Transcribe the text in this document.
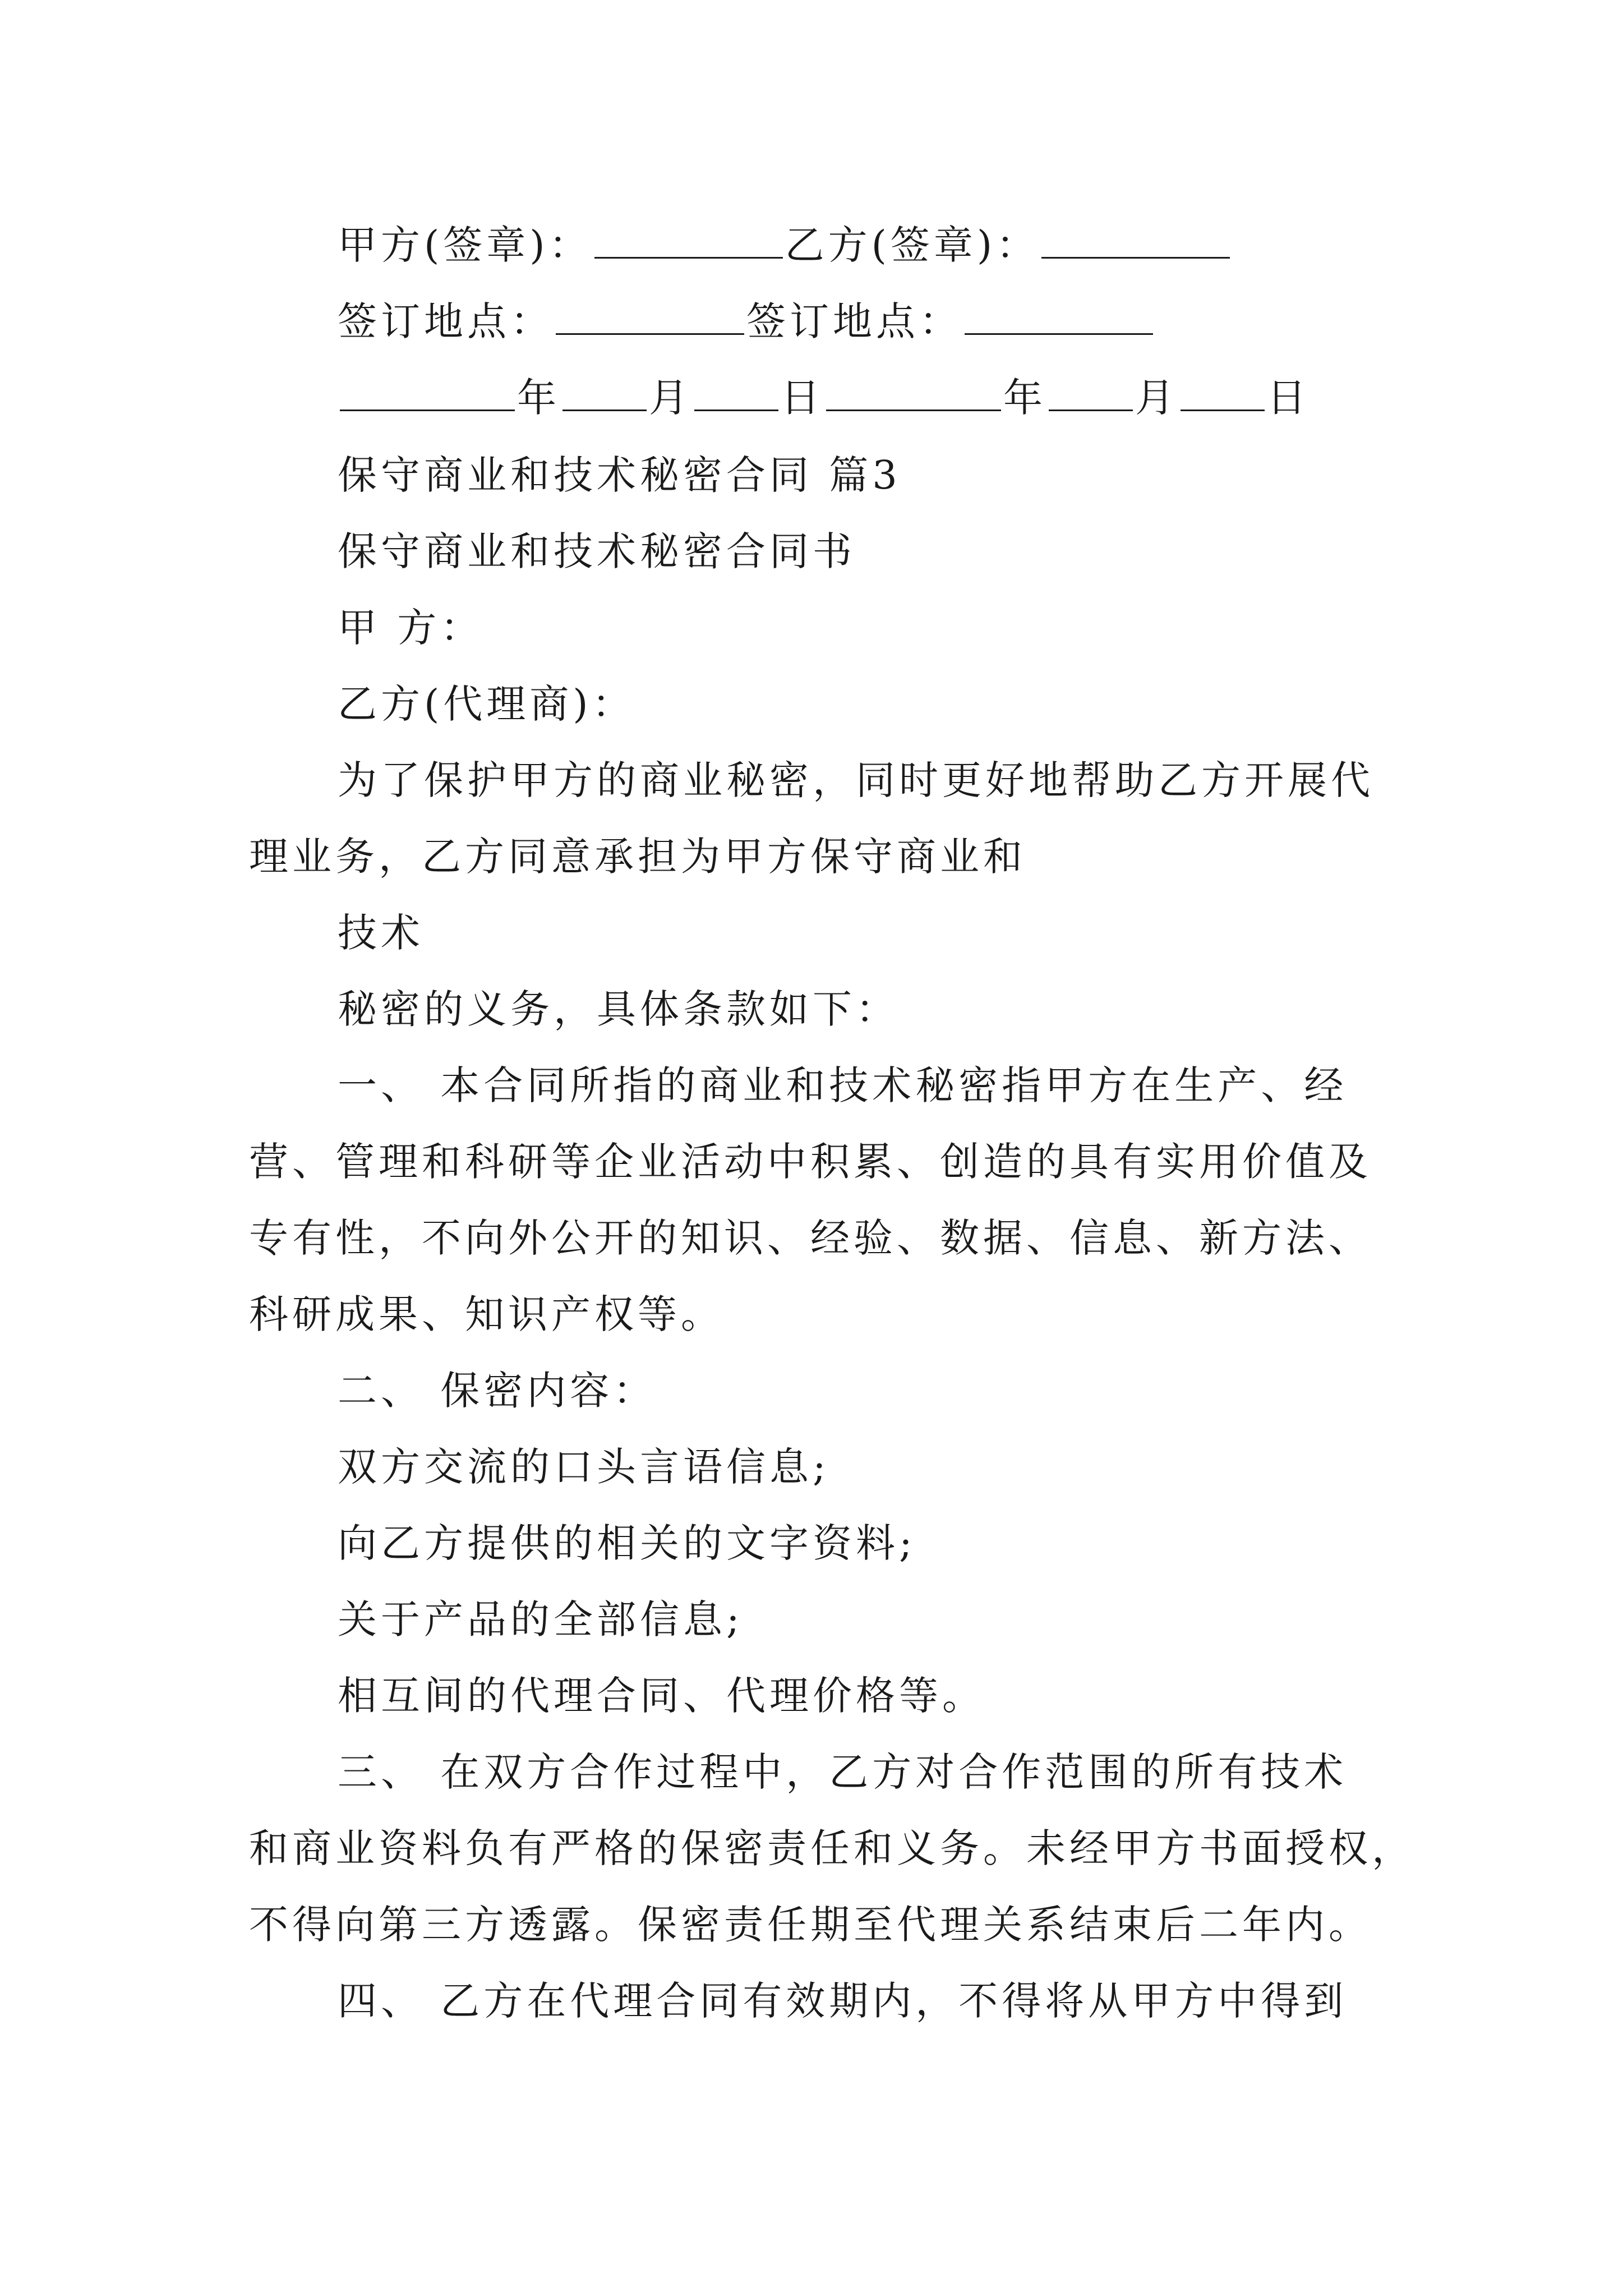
甲方(签章)：	乙方(签章)：
签订地点：	签订地点：
年 月 日	年 月 日
保守商业和技术秘密合同 篇3
保守商业和技术秘密合同书
甲 方：
乙方(代理商)：
为了保护甲方的商业秘密，同时更好地帮助乙方开展代
理业务，乙方同意承担为甲方保守商业和
技术
秘密的义务，具体条款如下：
一、 本合同所指的商业和技术秘密指甲方在生产、经
营、管理和科研等企业活动中积累、创造的具有实用价值及
专有性，不向外公开的知识、经验、数据、信息、新方法、
科研成果、知识产权等。
二、 保密内容：
双方交流的口头言语信息;
向乙方提供的相关的文字资料;
关于产品的全部信息;
相互间的代理合同、代理价格等。
三、 在双方合作过程中，乙方对合作范围的所有技术
和商业资料负有严格的保密责任和义务。未经甲方书面授权，
不得向第三方透露。保密责任期至代理关系结束后二年内。
四、 乙方在代理合同有效期内，不得将从甲方中得到
